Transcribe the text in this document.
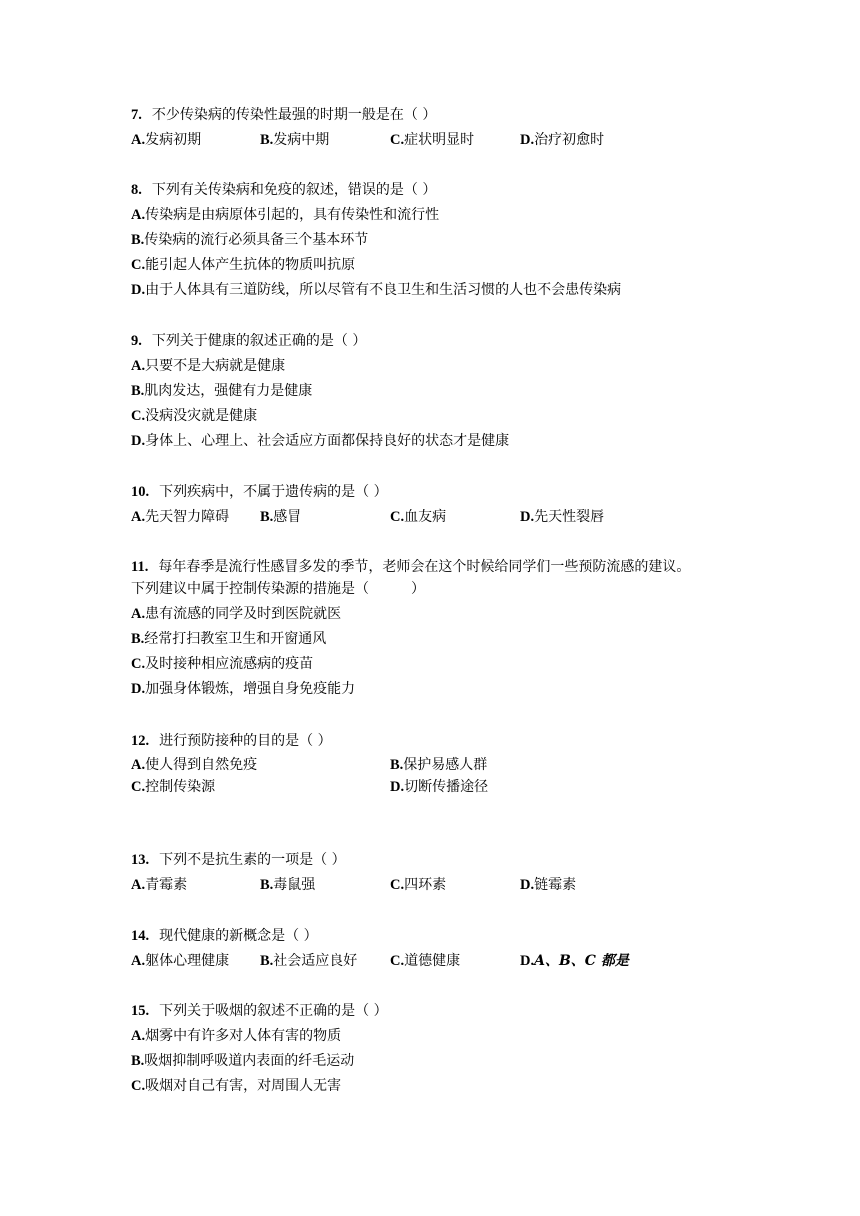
7. 不少传染病的传染性最强的时期一般是在（ ）
A.发病初期	B.发病中期	C.症状明显时	D.治疗初愈时
8. 下列有关传染病和免疫的叙述，错误的是（ ）
A.传染病是由病原体引起的，具有传染性和流行性
B.传染病的流行必须具备三个基本环节
C.能引起人体产生抗体的物质叫抗原
D.由于人体具有三道防线，所以尽管有不良卫生和生活习惯的人也不会患传染病
9. 下列关于健康的叙述正确的是（ ）
A.只要不是大病就是健康
B.肌肉发达，强健有力是健康
C.没病没灾就是健康
D.身体上、心理上、社会适应方面都保持良好的状态才是健康
10. 下列疾病中，不属于遗传病的是（ ）
A.先天智力障碍 B.感冒	C.血友病	D.先天性裂唇
11. 每年春季是流行性感冒多发的季节，老师会在这个时候给同学们一些预防流感的建议。
下列建议中属于控制传染源的措施是（　　　）
A.患有流感的同学及时到医院就医
B.经常打扫教室卫生和开窗通风
C.及时接种相应流感病的疫苗
D.加强身体锻炼，增强自身免疫能力
12. 进行预防接种的目的是（ ）
A.使人得到自然免疫	B.保护易感人群
C.控制传染源	D.切断传播途径
13. 下列不是抗生素的一项是（ ）
A.青霉素	B.毒鼠强	C.四环素	D.链霉素
14. 现代健康的新概念是（ ）
A.躯体心理健康 B.社会适应良好 C.道德健康	D.A、B、C 都是
15. 下列关于吸烟的叙述不正确的是（ ）
A.烟雾中有许多对人体有害的物质
B.吸烟抑制呼吸道内表面的纤毛运动
C.吸烟对自己有害，对周围人无害
